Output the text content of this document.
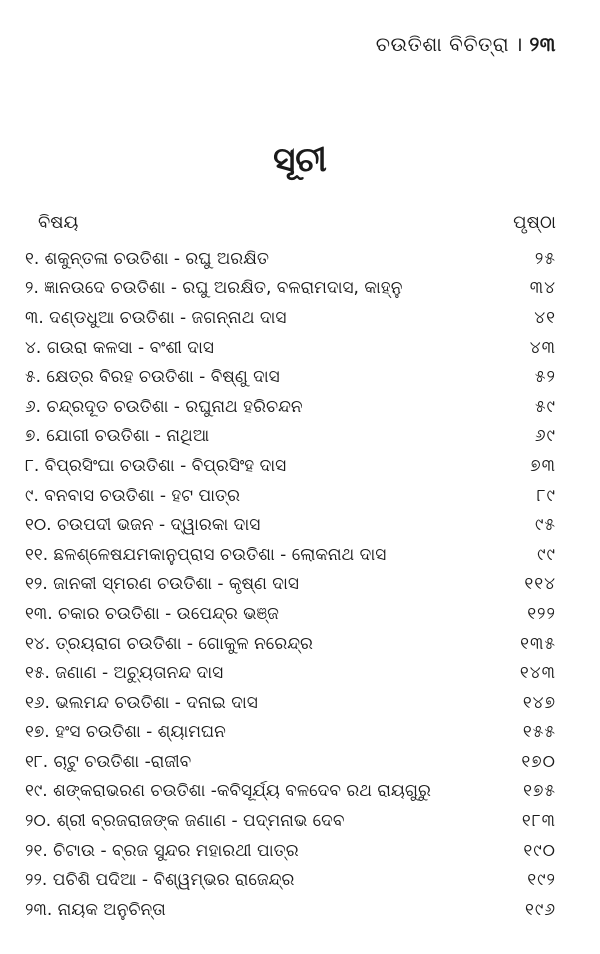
ଚଉତିଶା ବିଚିତ୍ରା । ୨୩
ସୂଚୀ
ବିଷୟ	ପୃଷ୍ଠା
୧. ଶକୁନ୍ତଳା ଚଉତିଶା - ରଘୁ ଅରକ୍ଷିତ	୨୫
୨. ଜ୍ଞାନଉଦେ ଚଉତିଶା - ରଘୁ ଅରକ୍ଷିତ, ବଳରାମଦାସ, କାହ୍ନୁ	୩୪
୩. ଦଣ୍ଡଧୁଆ ଚଉତିଶା - ଜଗନ୍ନାଥ ଦାସ	୪୧
୪. ଗଉରା କଳସା - ବଂଶୀ ଦାସ	୪୩
୫. କ୍ଷେତ୍ର ବିରହ ଚଉତିଶା - ବିଷ୍ଣୁ ଦାସ	୫୨
୬. ଚନ୍ଦ୍ରଦୂତ ଚଉତିଶା - ରଘୁନାଥ ହରିଚନ୍ଦନ	୫୯
୭. ଯୋଗୀ ଚଉତିଶା - ନାଥିଆ	୬୯
୮. ବିପ୍ରସିଂଘା ଚଉତିଶା - ବିପ୍ରସିଂହ ଦାସ	୭୩
୯. ବନବାସ ଚଉତିଶା - ହଟ ପାତ୍ର	୮୯
୧୦. ଚଉପଦୀ ଭଜନ - ଦ୍ୱାରକା ଦାସ	୯୫
୧୧. ଛଳଶ୍ଳେଷଯମକାନୁପ୍ରାସ ଚଉତିଶା - ଲୋକନାଥ ଦାସ	୯୯
୧୨. ଜାନକୀ ସ୍ମରଣ ଚଉତିଶା - କୃଷ୍ଣ ଦାସ	୧୧୪
୧୩. ଚକାର ଚଉତିଶା - ଉପେନ୍ଦ୍ର ଭଞ୍ଜ	୧୨୨
୧୪. ତ୍ରୟରାଗ ଚଉତିଶା - ଗୋକୁଳ ନରେନ୍ଦ୍ର	୧୩୫
୧୫. ଜଣାଣ - ଅଚ୍ୟୁତାନନ୍ଦ ଦାସ	୧୪୩
୧୬. ଭଲମନ୍ଦ ଚଉତିଶା - ଦନାଇ ଦାସ	୧୪୭
୧୭. ହଂସ ଚଉତିଶା - ଶ୍ୟାମଘନ	୧୫୫
୧୮. ଚାଟୁ ଚଉତିଶା -ରାଜୀବ	୧୭୦
୧୯. ଶଙ୍କରାଭରଣ ଚଉତିଶା -କବିସୂର୍ଯ୍ୟ ବଳଦେବ ରଥ ରାୟଗୁରୁ	୧୭୫
୨୦. ଶ୍ରୀ ବ୍ରଜରାଜଙ୍କ ଜଣାଣ - ପଦ୍ମନାଭ ଦେବ	୧୮୩
୨୧. ଚିଟାଉ - ବ୍ରଜ ସୁନ୍ଦର ମହାରଥୀ ପାତ୍ର	୧୯୦
୨୨. ପଚିଶି ପଦିଆ - ବିଶ୍ୱମ୍ଭର ରାଜେନ୍ଦ୍ର	୧୯୨
୨୩. ନାୟକ ଅନୁଚିନ୍ତା	୧୯୬
